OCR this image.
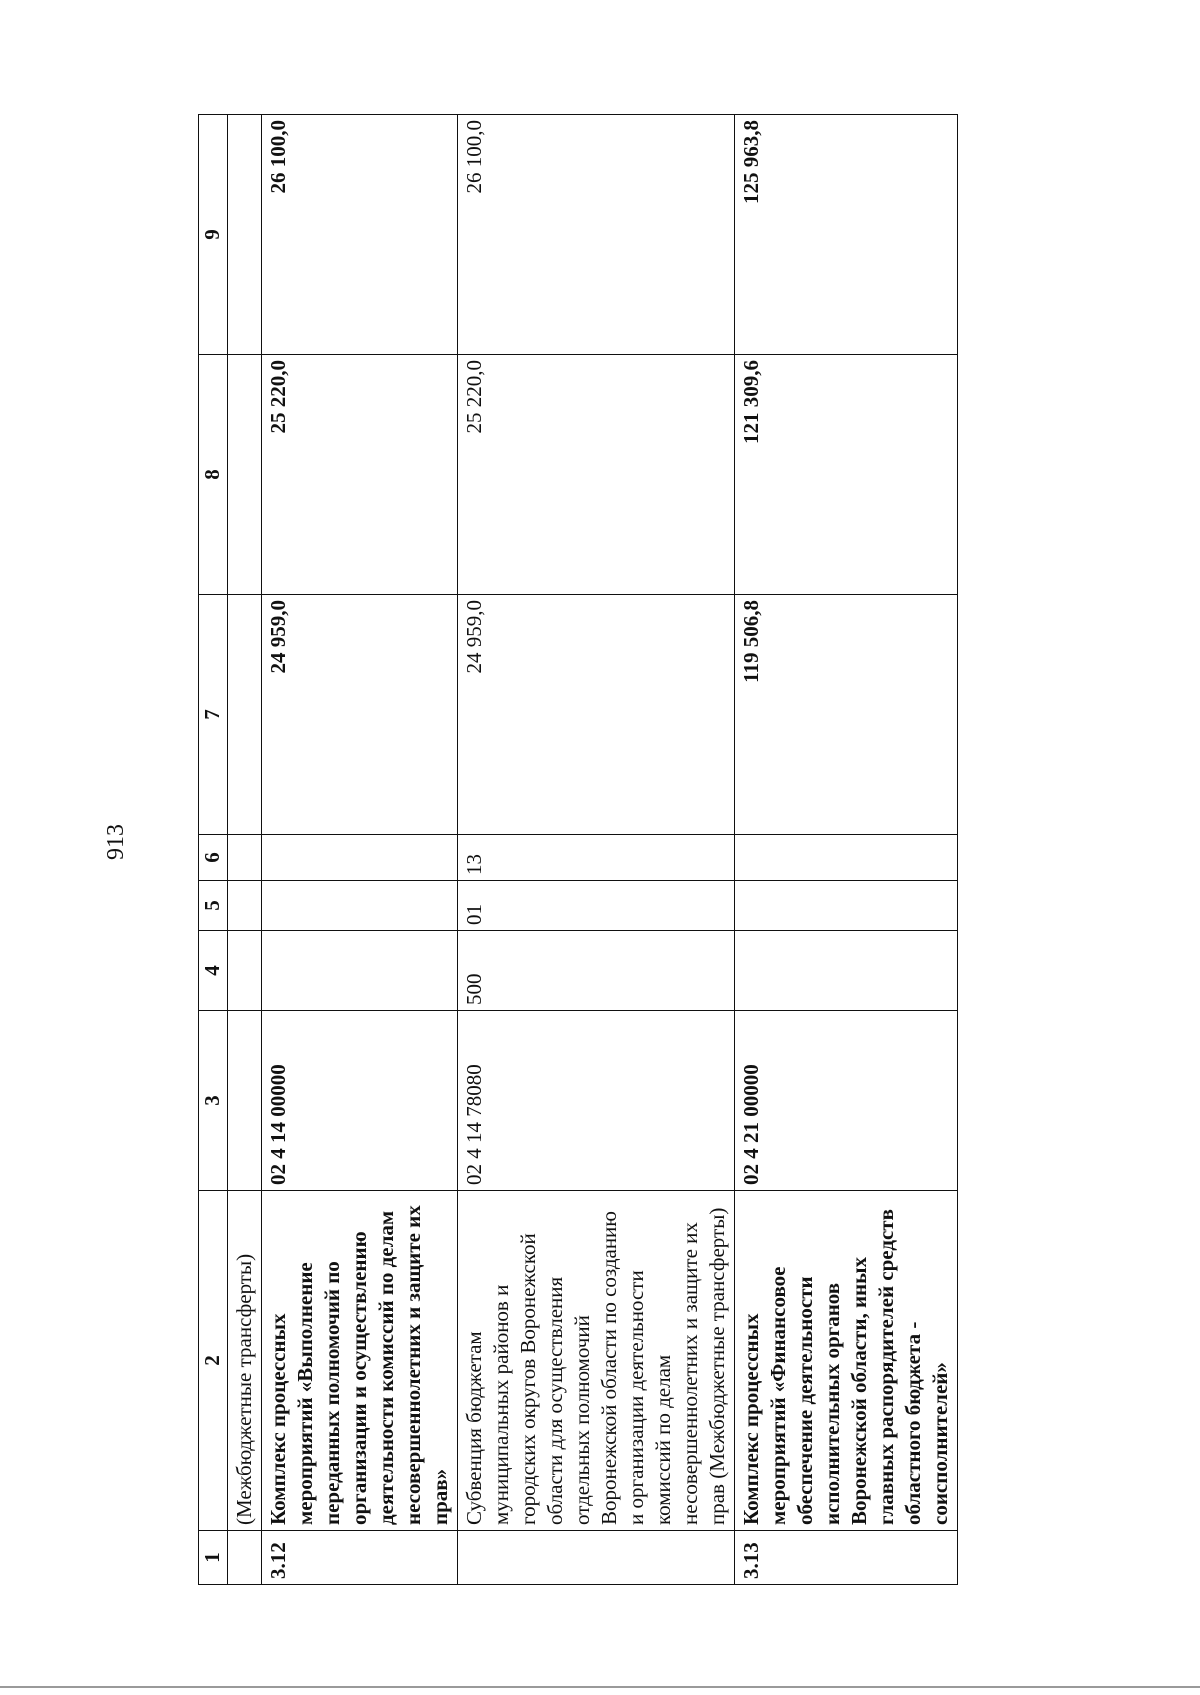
913
1	2	3	4	5	6	7	8	9
	(Межбюджетные трансферты)							
3.12	Комплекс процессных мероприятий «Выполнение переданных полномочий по организации и осуществлению деятельности комиссий по делам несовершеннолетних и защите их прав»	02 4 14 00000				24 959,0	25 220,0	26 100,0
	Субвенция бюджетам муниципальных районов и городских округов Воронежской области для осуществления отдельных полномочий Воронежской области по созданию и организации деятельности комиссий по делам несовершеннолетних и защите их прав (Межбюджетные трансферты)	02 4 14 78080	500	01	13	24 959,0	25 220,0	26 100,0
3.13	Комплекс процессных мероприятий «Финансовое обеспечение деятельности исполнительных органов Воронежской области, иных главных распорядителей средств областного бюджета - соисполнителей»	02 4 21 00000				119 506,8	121 309,6	125 963,8
